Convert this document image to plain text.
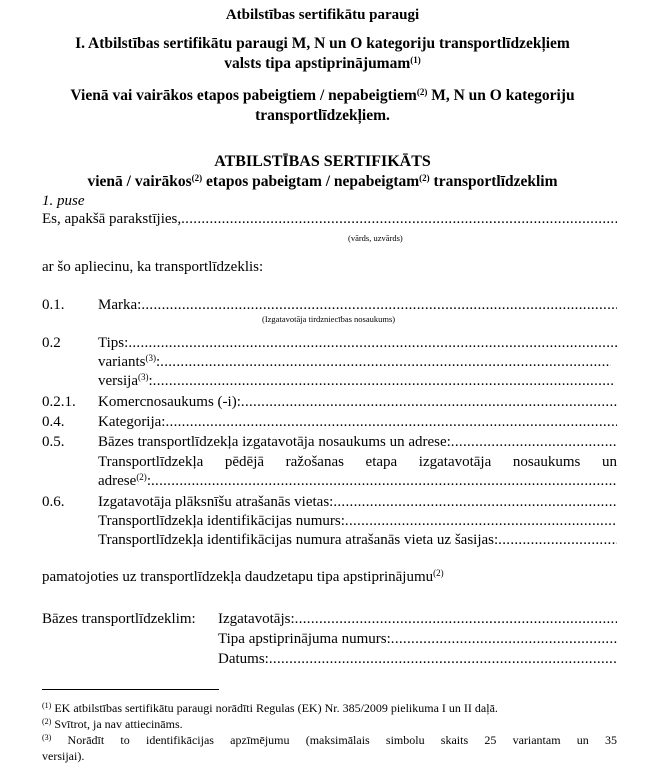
Atbilstības sertifikātu paraugi
I. Atbilstības sertifikātu paraugi M, N un O kategoriju transportlīdzekļiem
valsts tipa apstiprinājumam$^{(1)}$
Vienā vai vairākos etapos pabeigtiem / nepabeigtiem$^{(2)}$ M, N un O kategoriju
transportlīdzekļiem.
ATBILSTĪBAS SERTIFIKĀTS
vienā / vairākos$^{(2)}$ etapos pabeigtam / nepabeigtam$^{(2)}$ transportlīdzeklim
1. puse
Es, apakšā parakstījies,
.....
(vārds, uzvārds)
ar šo apliecinu, ka transportlīdzeklis:
0.1.	Marka:
.....
(Izgatavotāja tirdzniecības nosaukums)
0.2	Tips:
.....
variants$^{(3)}$:
.....
versija$^{(3)}$:
.....
0.2.1.	Komercnosaukums (-i):
.....
0.4.	Kategorija:
.....
0.5.	Bāzes transportlīdzekļa izgatavotāja nosaukums un adrese:
.....
Transportlīdzekļa pēdējā ražošanas etapa izgatavotāja nosaukums un
adrese$^{(2)}$:
.....
0.6.	Izgatavotāja plāksnīšu atrašanās vietas:
.....
Transportlīdzekļa identifikācijas numurs:
.....
Transportlīdzekļa identifikācijas numura atrašanās vieta uz šasijas:
.....
pamatojoties uz transportlīdzekļa daudzetapu tipa apstiprinājumu$^{(2)}$
Bāzes transportlīdzeklim: Izgatavotājs:
.....
Tipa apstiprinājuma numurs:
.....
Datums:
.....
$^{(1)}$ EK atbilstības sertifikātu paraugi norādīti Regulas (EK) Nr. 385/2009 pielikuma I un II daļā.
$^{(2)}$ Svītrot, ja nav attiecināms.
$^{(3)}$ Norādīt to identifikācijas apzīmējumu (maksimālais simbolu skaits 25 variantam un 35
versijai).
